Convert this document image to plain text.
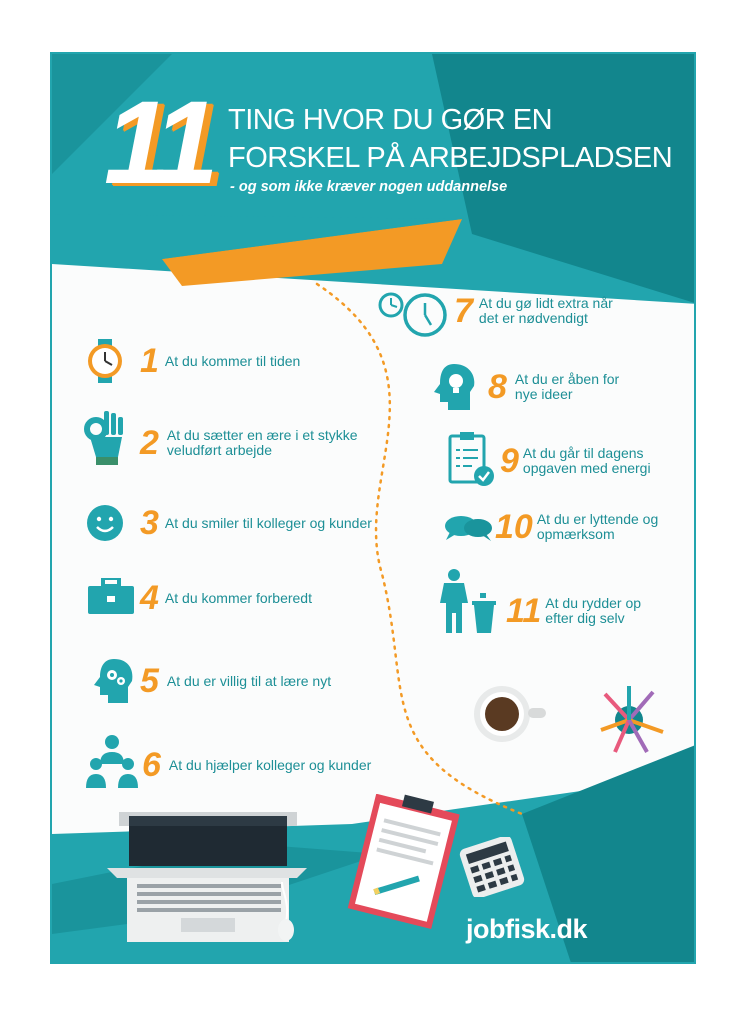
11 TING HVOR DU GØR EN
FORSKEL PÅ ARBEJDSPLADSEN
- og som ikke kræver nogen uddannelse
1 At du kommer til tiden
2 At du sætter en ære i et stykke veludført arbejde
3 At du smiler til kolleger og kunder
4 At du kommer forberedt
5 At du er villig til at lære nyt
6 At du hjælper kolleger og kunder
7 At du gø lidt extra når det er nødvendigt
8 At du er åben for nye ideer
9 At du går til dagens opgaven med energi
10 At du er lyttende og opmærksom
11 At du rydder op efter dig selv
jobfisk.dk
